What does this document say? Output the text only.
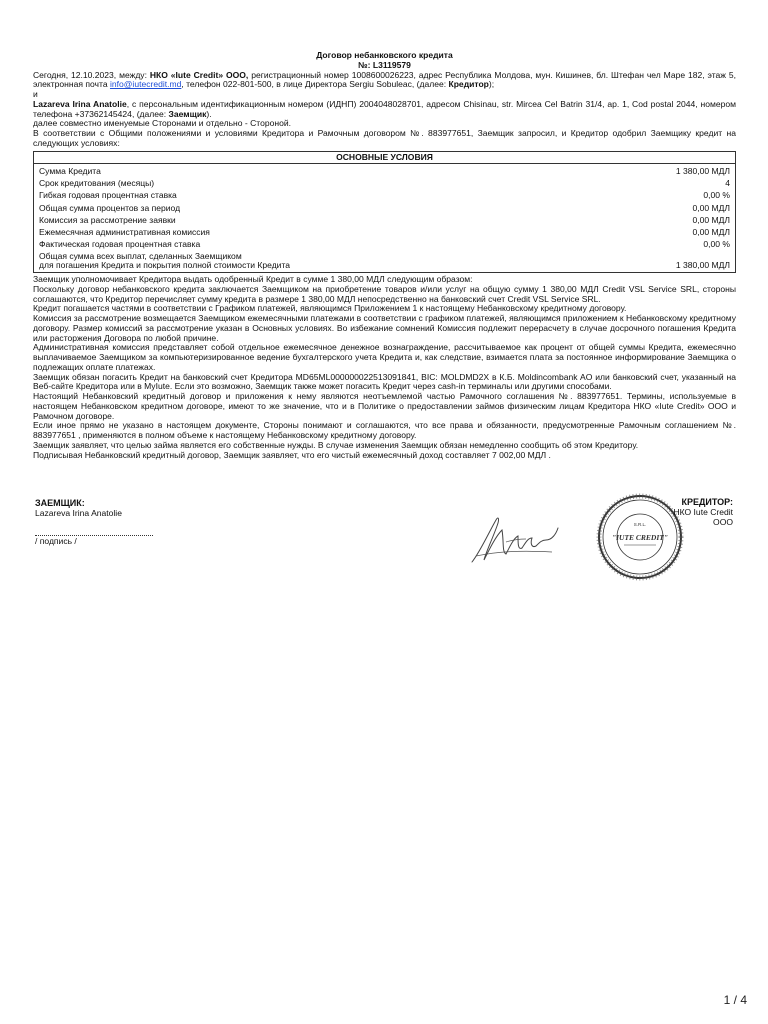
Договор небанковского кредита
№: L3119579

Сегодня, 12.10.2023, между: НКО «Iute Credit» ООО, регистрационный номер 1008600026223, адрес Республика Молдова, мун. Кишинев, бл. Штефан чел Маре 182, этаж 5, электронная почта info@iutecredit.md, телефон 022-801-500, в лице Директора Sergiu Sobuleac, (далее: Кредитор);

и

Lazareva Irina Anatolie, с персональным идентификационным номером (ИДНП) 2004048028701, адресом Chisinau, str. Mircea Cel Batrin 31/4, ap. 1, Cod postal 2044, номером телефона +37362145424, (далее: Заемщик).

далее совместно именуемые Сторонами и отдельно - Стороной.

В соответствии с Общими положениями и условиями Кредитора и Рамочным договором №. 883977651, Заемщик запросил, и Кредитор одобрил Заемщику кредит на следующих условиях:

ОСНОВНЫЕ УСЛОВИЯ
Сумма Кредита	1 380,00 МДЛ
Срок кредитования (месяцы)	4
Гибкая годовая процентная ставка	0,00 %
Общая сумма процентов за период	0,00 МДЛ
Комиссия за рассмотрение заявки	0,00 МДЛ
Ежемесячная административная комиссия	0,00 МДЛ
Фактическая годовая процентная ставка	0,00 %
Общая сумма всех выплат, сделанных Заемщиком
для погашения Кредита и покрытия полной стоимости Кредита	1 380,00 МДЛ

Заемщик уполномочивает Кредитора выдать одобренный Кредит в сумме 1 380,00 МДЛ следующим образом:

Поскольку договор небанковского кредита заключается Заемщиком на приобретение товаров и/или услуг на общую сумму 1 380,00 МДЛ Credit VSL Service SRL, стороны соглашаются, что Кредитор перечисляет сумму кредита в размере 1 380,00 МДЛ непосредственно на банковский счет Credit VSL Service SRL.

Кредит погашается частями в соответствии с Графиком платежей, являющимся Приложением 1 к настоящему Небанковскому кредитному договору.

Комиссия за рассмотрение возмещается Заемщиком ежемесячными платежами в соответствии с графиком платежей, являющимся приложением к Небанковскому кредитному договору. Размер комиссий за рассмотрение указан в Основных условиях. Во избежание сомнений Комиссия подлежит перерасчету в случае досрочного погашения Кредита или расторжения Договора по любой причине.

Административная комиссия представляет собой отдельное ежемесячное денежное вознаграждение, рассчитываемое как процент от общей суммы Кредита, ежемесячно выплачиваемое Заемщиком за компьютеризированное ведение бухгалтерского учета Кредита и, как следствие, взимается плата за постоянное информирование Заемщика о подлежащих оплате платежах.

Заемщик обязан погасить Кредит на банковский счет Кредитора MD65ML000000022513091841, BIC: MOLDMD2X в К.Б. Moldincombank AO или банковский счет, указанный на Веб-сайте Кредитора или в MyIute. Если это возможно, Заемщик также может погасить Кредит через cash-in терминалы или другими способами.

Настоящий Небанковский кредитный договор и приложения к нему являются неотъемлемой частью Рамочного соглашения №. 883977651. Термины, используемые в настоящем Небанковском кредитном договоре, имеют то же значение, что и в Политике о предоставлении займов физическим лицам Кредитора НКО «Iute Credit» ООО и Рамочном договоре.

Если иное прямо не указано в настоящем документе, Стороны понимают и соглашаются, что все права и обязанности, предусмотренные Рамочным соглашением №. 883977651 , применяются в полном объеме к настоящему Небанковскому кредитному договору.

Заемщик заявляет, что целью займа является его собственные нужды. В случае изменения Заемщик обязан немедленно сообщить об этом Кредитору.

Подписывая Небанковский кредитный договор, Заемщик заявляет, что его чистый ежемесячный доход составляет 7 002,00 МДЛ .

ЗАЕМЩИК:
Lazareva Irina Anatolie
/ подпись /
S.R.L.
"IUTE CREDIT"
КРЕДИТОР:
НКО Iute Credit ООО
1 / 4
